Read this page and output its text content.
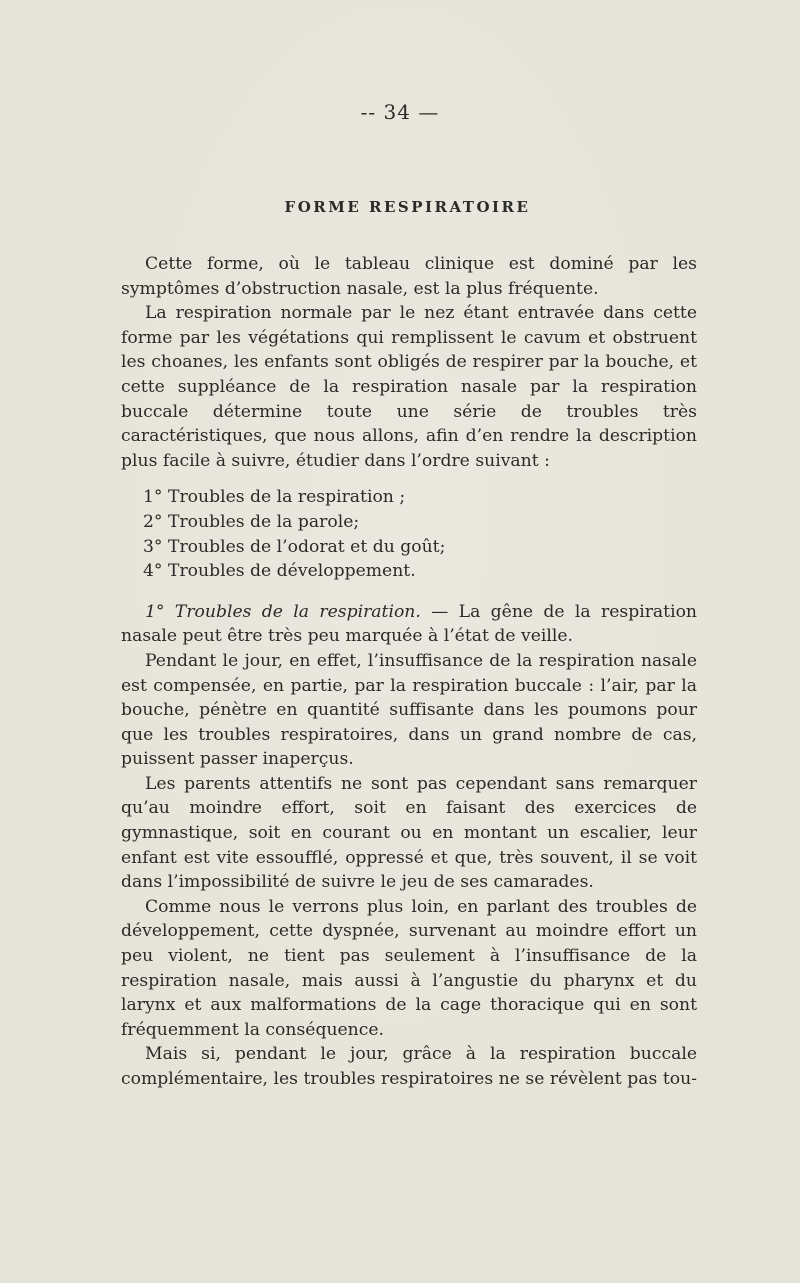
-- 34 —
FORME RESPIRATOIRE

Cette forme, où le tableau clinique est dominé par les symptômes d’obstruction nasale, est la plus fréquente.

La respiration normale par le nez étant entravée dans cette forme par les végétations qui remplissent le cavum et obstruent les choanes, les enfants sont obligés de respirer par la bouche, et cette suppléance de la respiration nasale par la respiration buccale détermine toute une série de troubles très caractéristiques, que nous allons, afin d’en rendre la description plus facile à suivre, étudier dans l’ordre suivant :

1° Troubles de la respiration ;

2° Troubles de la parole;

3° Troubles de l’odorat et du goût;

4° Troubles de développement.

1° Troubles de la respiration. — La gêne de la respiration nasale peut être très peu marquée à l’état de veille.

Pendant le jour, en effet, l’insuffisance de la respiration nasale est compensée, en partie, par la respiration buccale : l’air, par la bouche, pénètre en quantité suffisante dans les poumons pour que les troubles respiratoires, dans un grand nombre de cas, puissent passer inaperçus.

Les parents attentifs ne sont pas cependant sans remarquer qu’au moindre effort, soit en faisant des exercices de gymnastique, soit en courant ou en montant un escalier, leur enfant est vite essoufflé, oppressé et que, très souvent, il se voit dans l’impossibilité de suivre le jeu de ses camarades.

Comme nous le verrons plus loin, en parlant des troubles de développement, cette dyspnée, survenant au moindre effort un peu violent, ne tient pas seulement à l’insuffisance de la respiration nasale, mais aussi à l’angustie du pharynx et du larynx et aux malformations de la cage thoracique qui en sont fréquemment la conséquence.

Mais si, pendant le jour, grâce à la respiration buccale complémentaire, les troubles respiratoires ne se révèlent pas tou-
